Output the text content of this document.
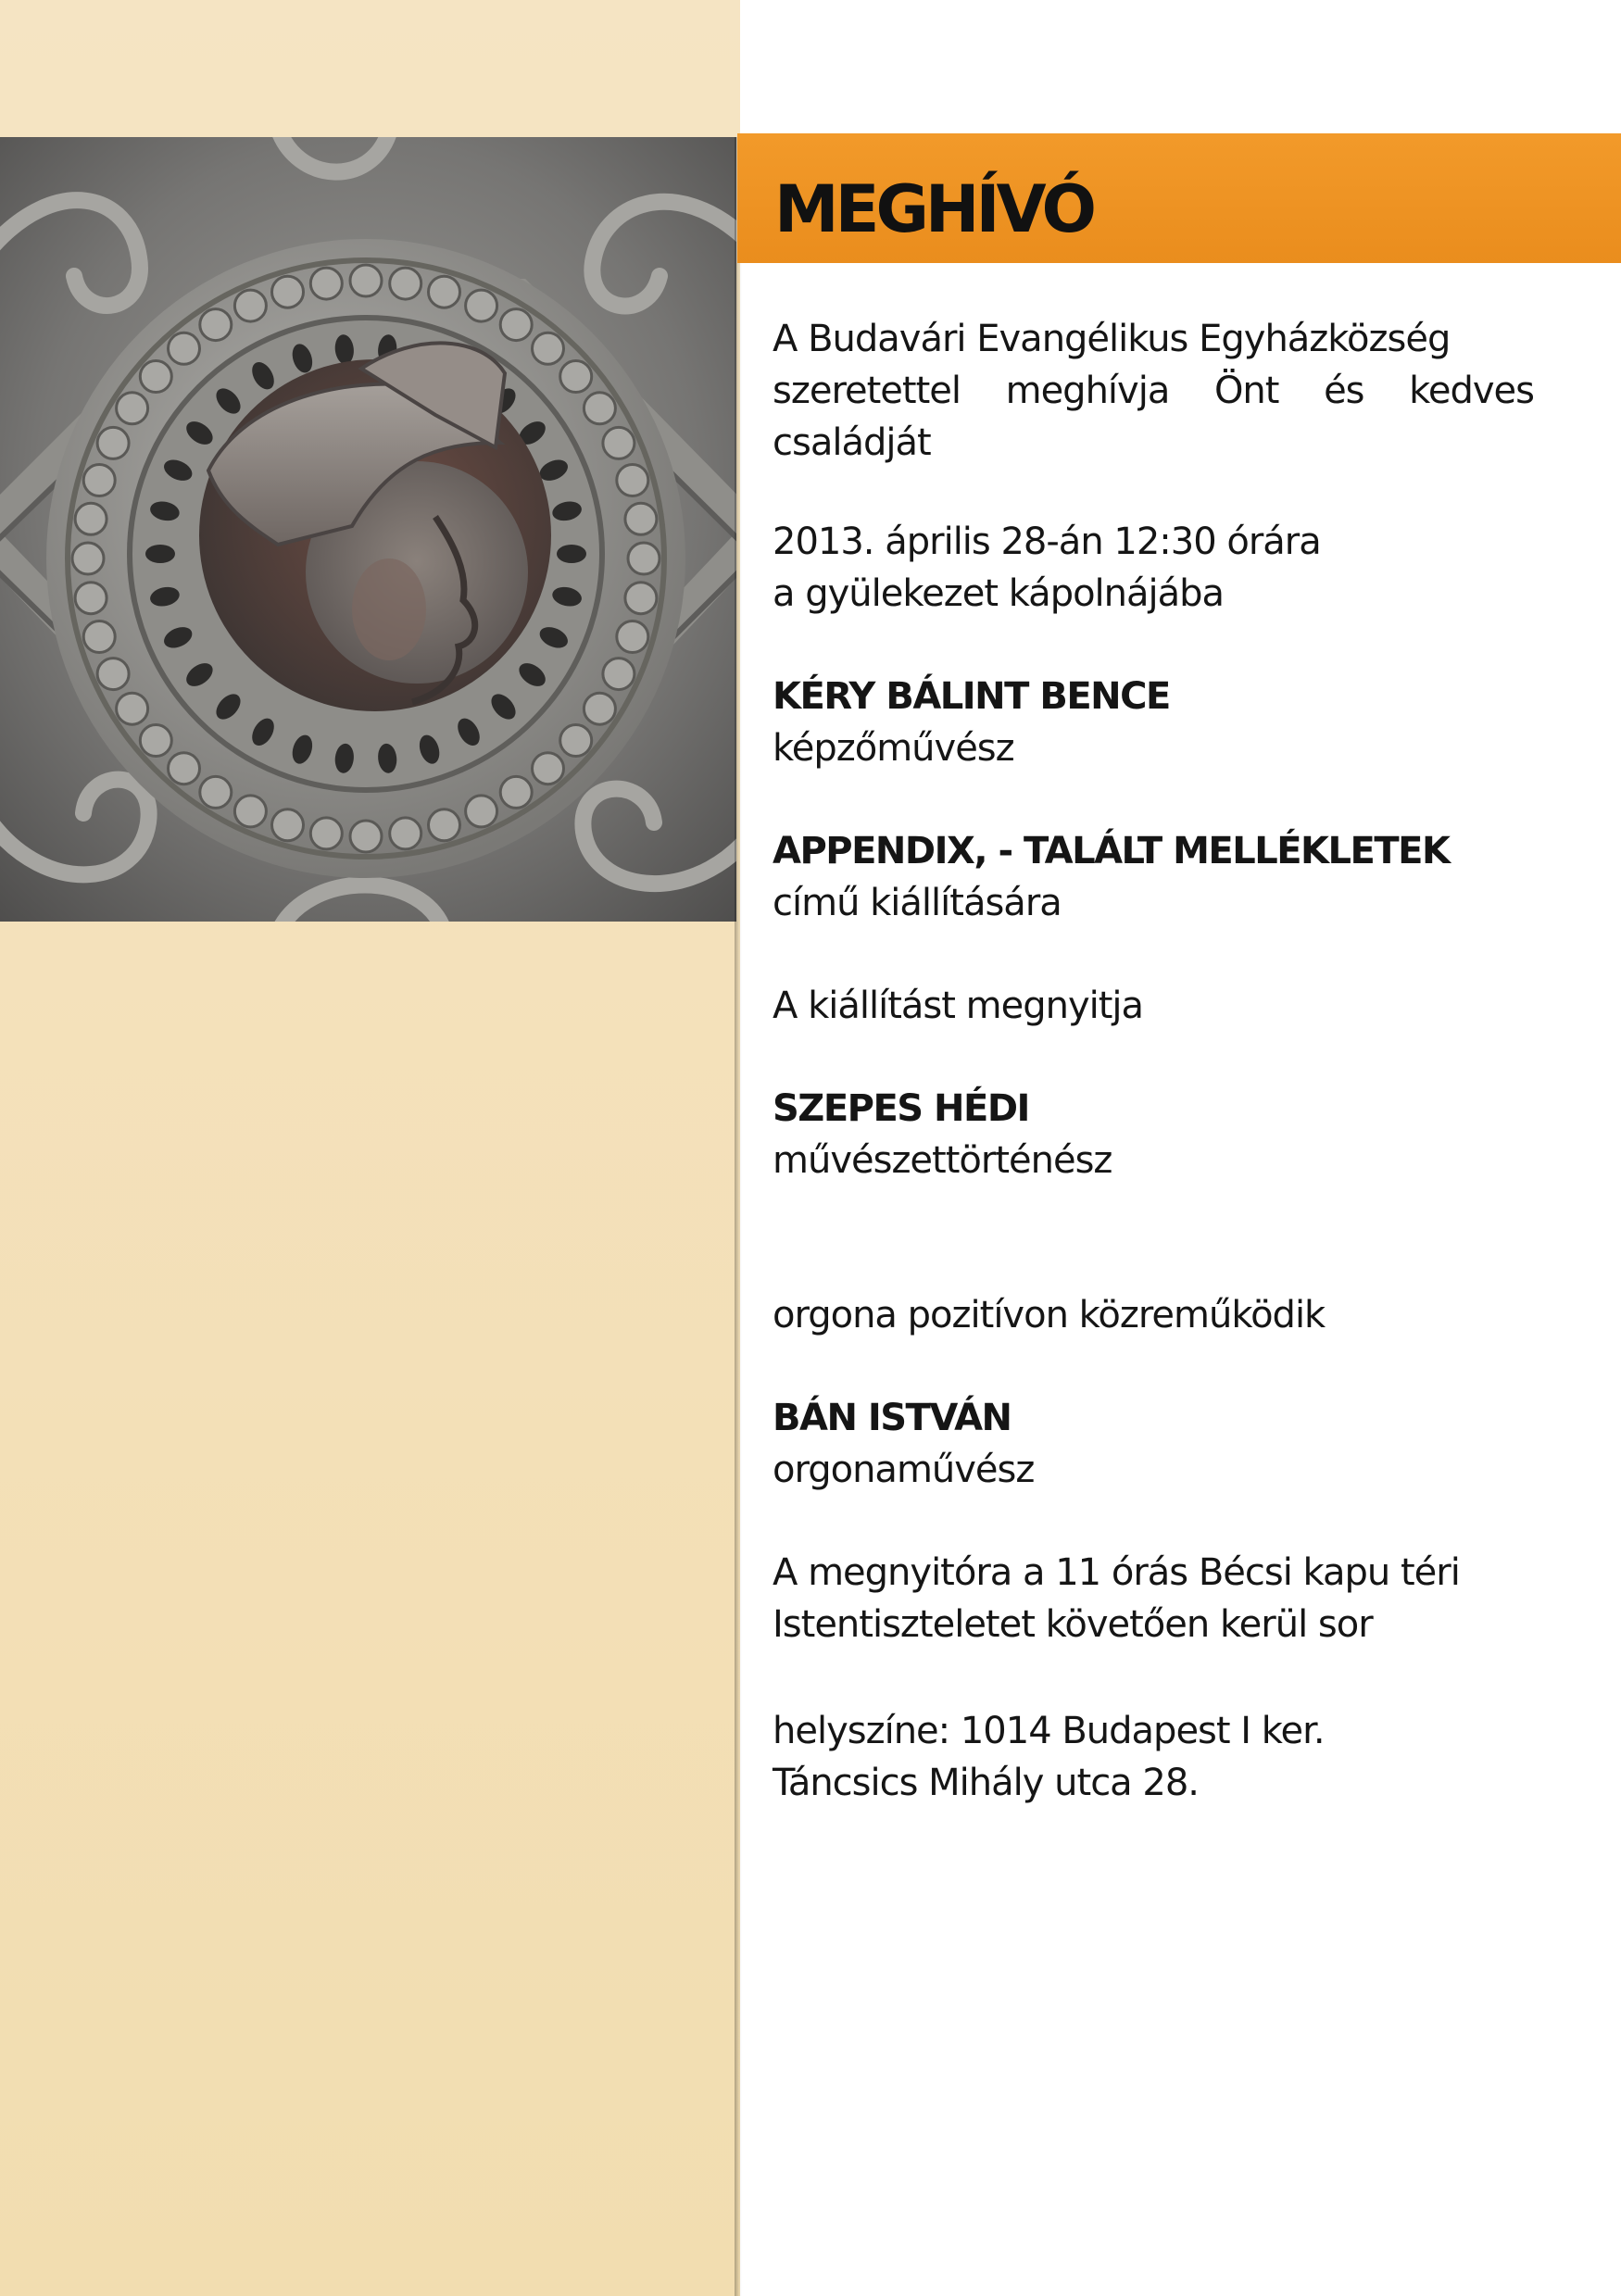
MEGHÍVÓ
A Budavári Evangélikus Egyházközség
szeretettel meghívja Önt és kedves
családját
2013. április 28-án 12:30 órára
a gyülekezet kápolnájába
KÉRY BÁLINT BENCE
képzőművész
APPENDIX, - TALÁLT MELLÉKLETEK
című kiállítására
A kiállítást megnyitja
SZEPES HÉDI
művészettörténész
orgona pozitívon közreműködik
BÁN ISTVÁN
orgonaművész
A megnyitóra a 11 órás Bécsi kapu téri
Istentiszteletet követően kerül sor
helyszíne: 1014 Budapest I ker.
Táncsics Mihály utca 28.
